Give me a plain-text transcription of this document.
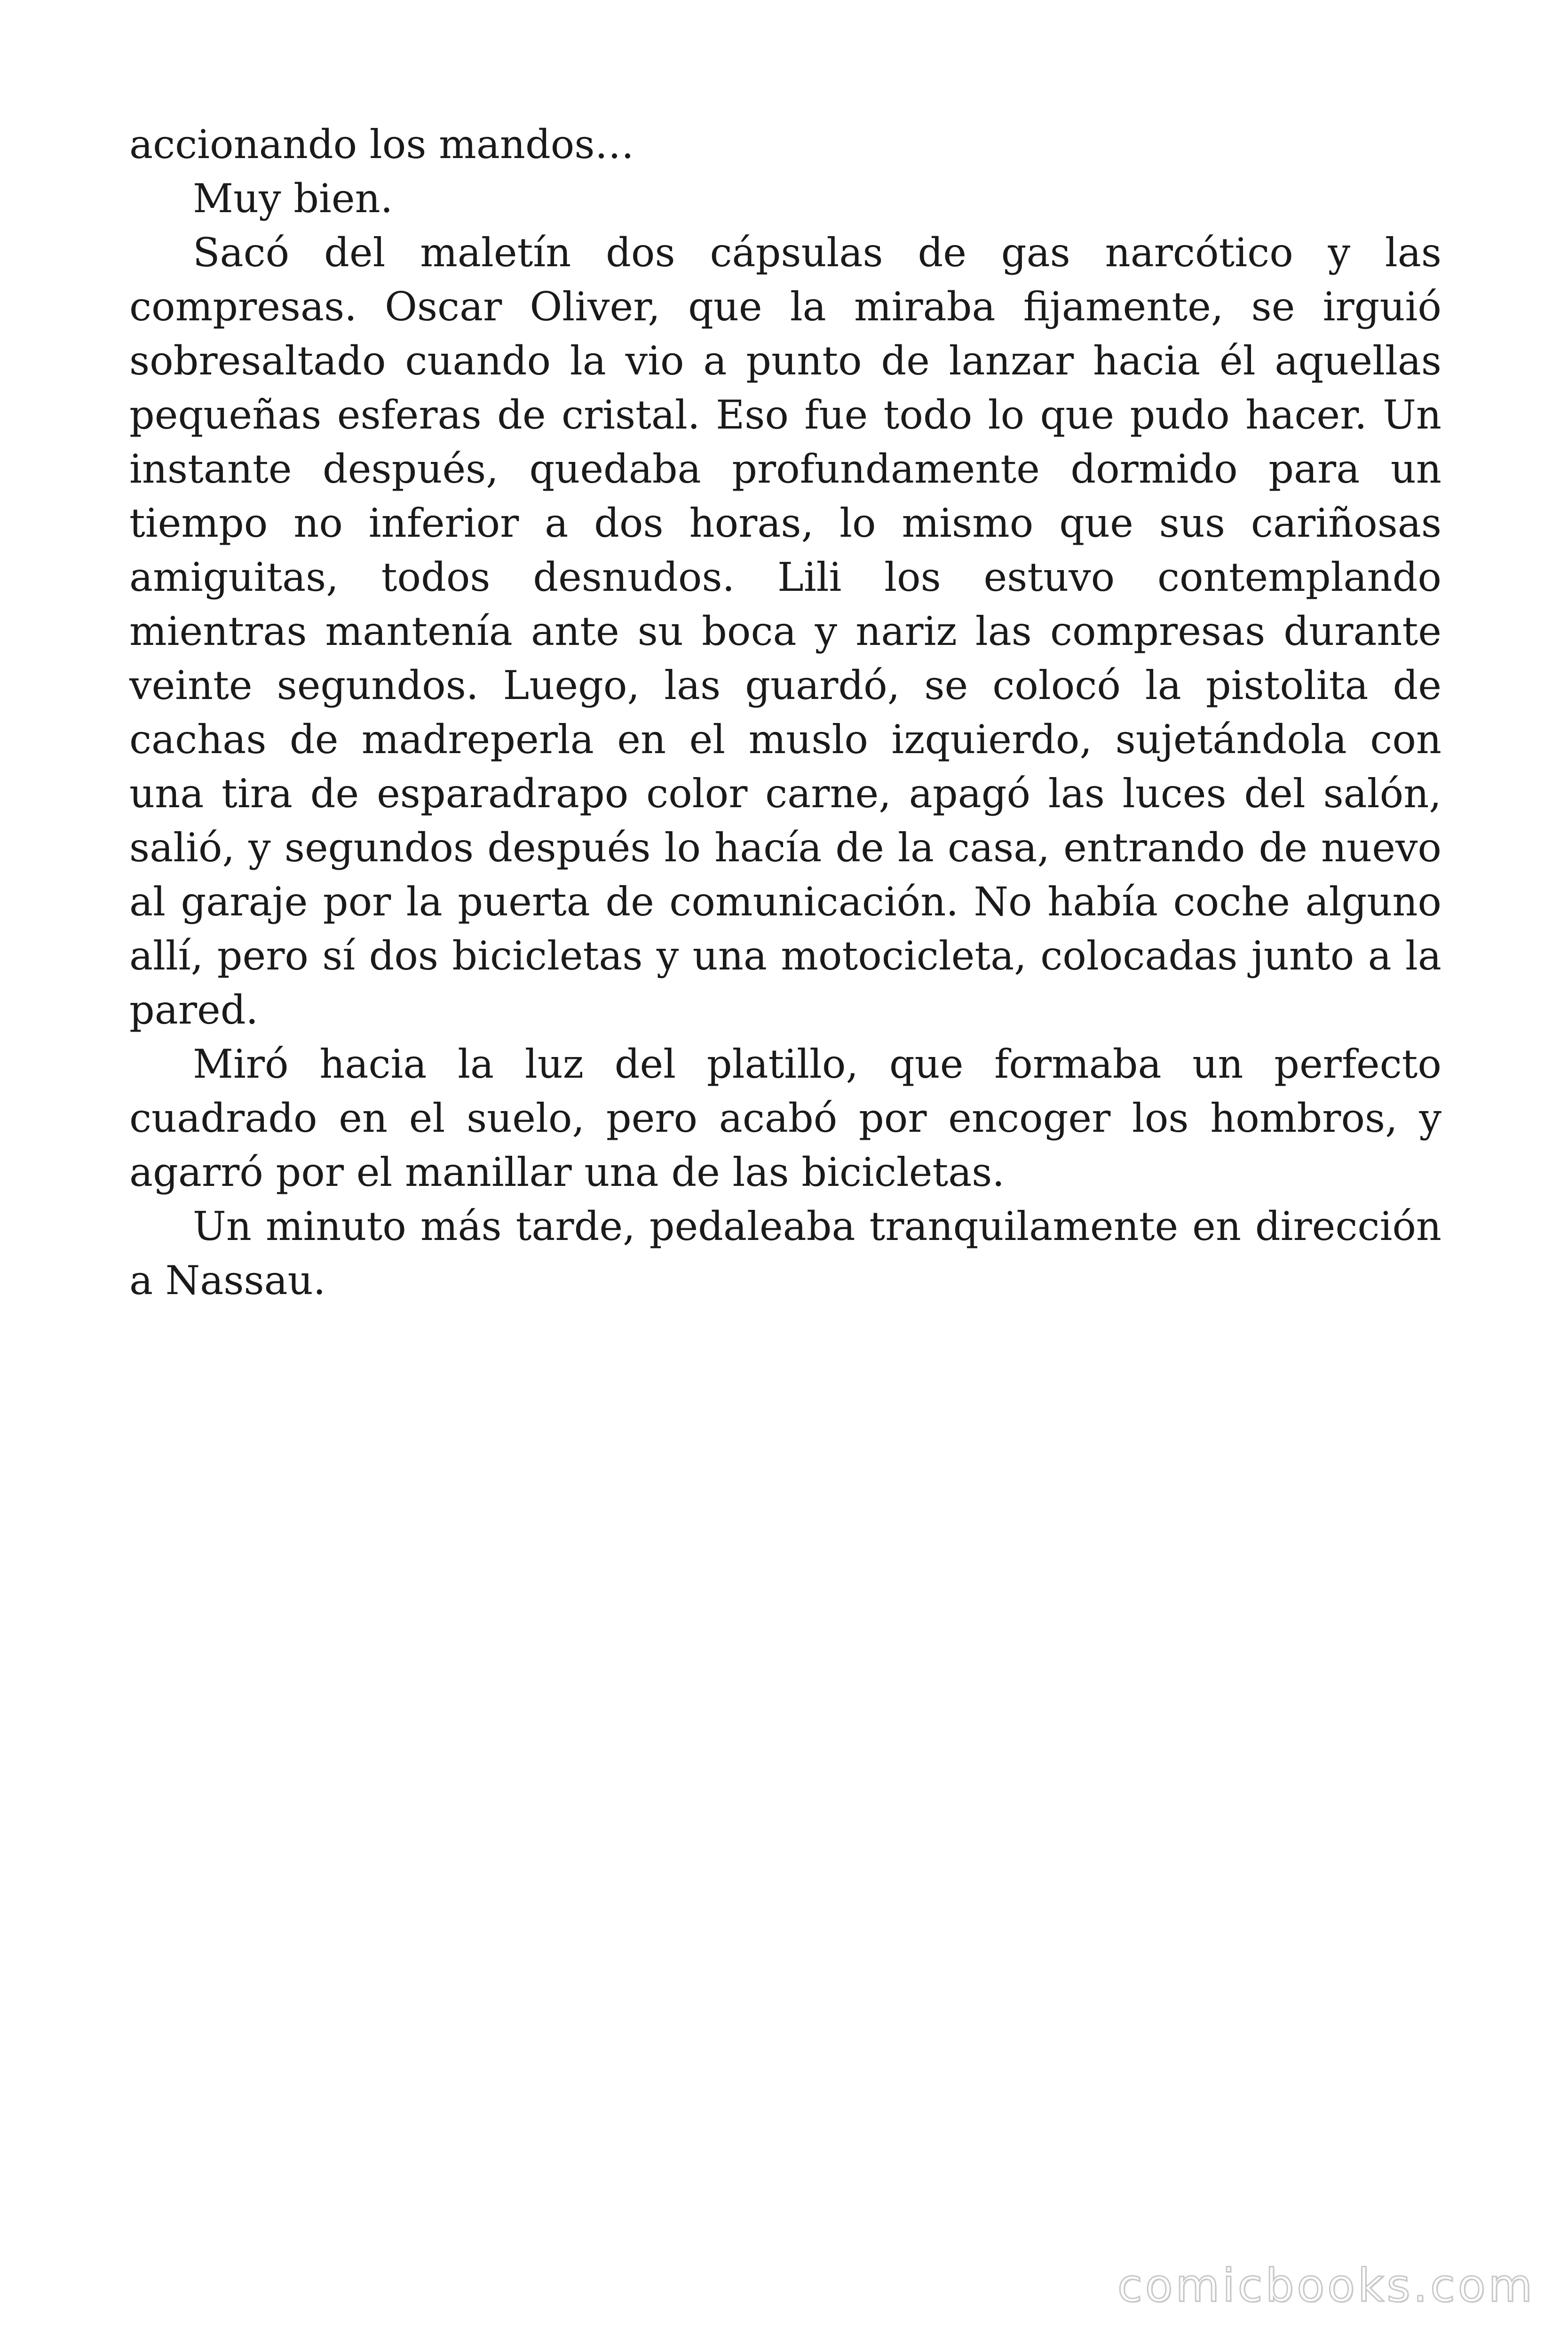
accionando los mandos…

Muy bien.

Sacó del maletín dos cápsulas de gas narcótico y las compresas. Oscar Oliver, que la miraba fijamente, se irguió sobresaltado cuando la vio a punto de lanzar hacia él aquellas pequeñas esferas de cristal. Eso fue todo lo que pudo hacer. Un instante después, quedaba profundamente dormido para un tiempo no inferior a dos horas, lo mismo que sus cariñosas amiguitas, todos desnudos. Lili los estuvo contemplando mientras mantenía ante su boca y nariz las compresas durante veinte segundos. Luego, las guardó, se colocó la pistolita de cachas de madreperla en el muslo izquierdo, sujetándola con una tira de esparadrapo color carne, apagó las luces del salón, salió, y segundos después lo hacía de la casa, entrando de nuevo al garaje por la puerta de comunicación. No había coche alguno allí, pero sí dos bicicletas y una motocicleta, colocadas junto a la pared.

Miró hacia la luz del platillo, que formaba un perfecto cuadrado en el suelo, pero acabó por encoger los hombros, y agarró por el manillar una de las bicicletas.

Un minuto más tarde, pedaleaba tranquilamente en dirección a Nassau.

comicbooks.com
